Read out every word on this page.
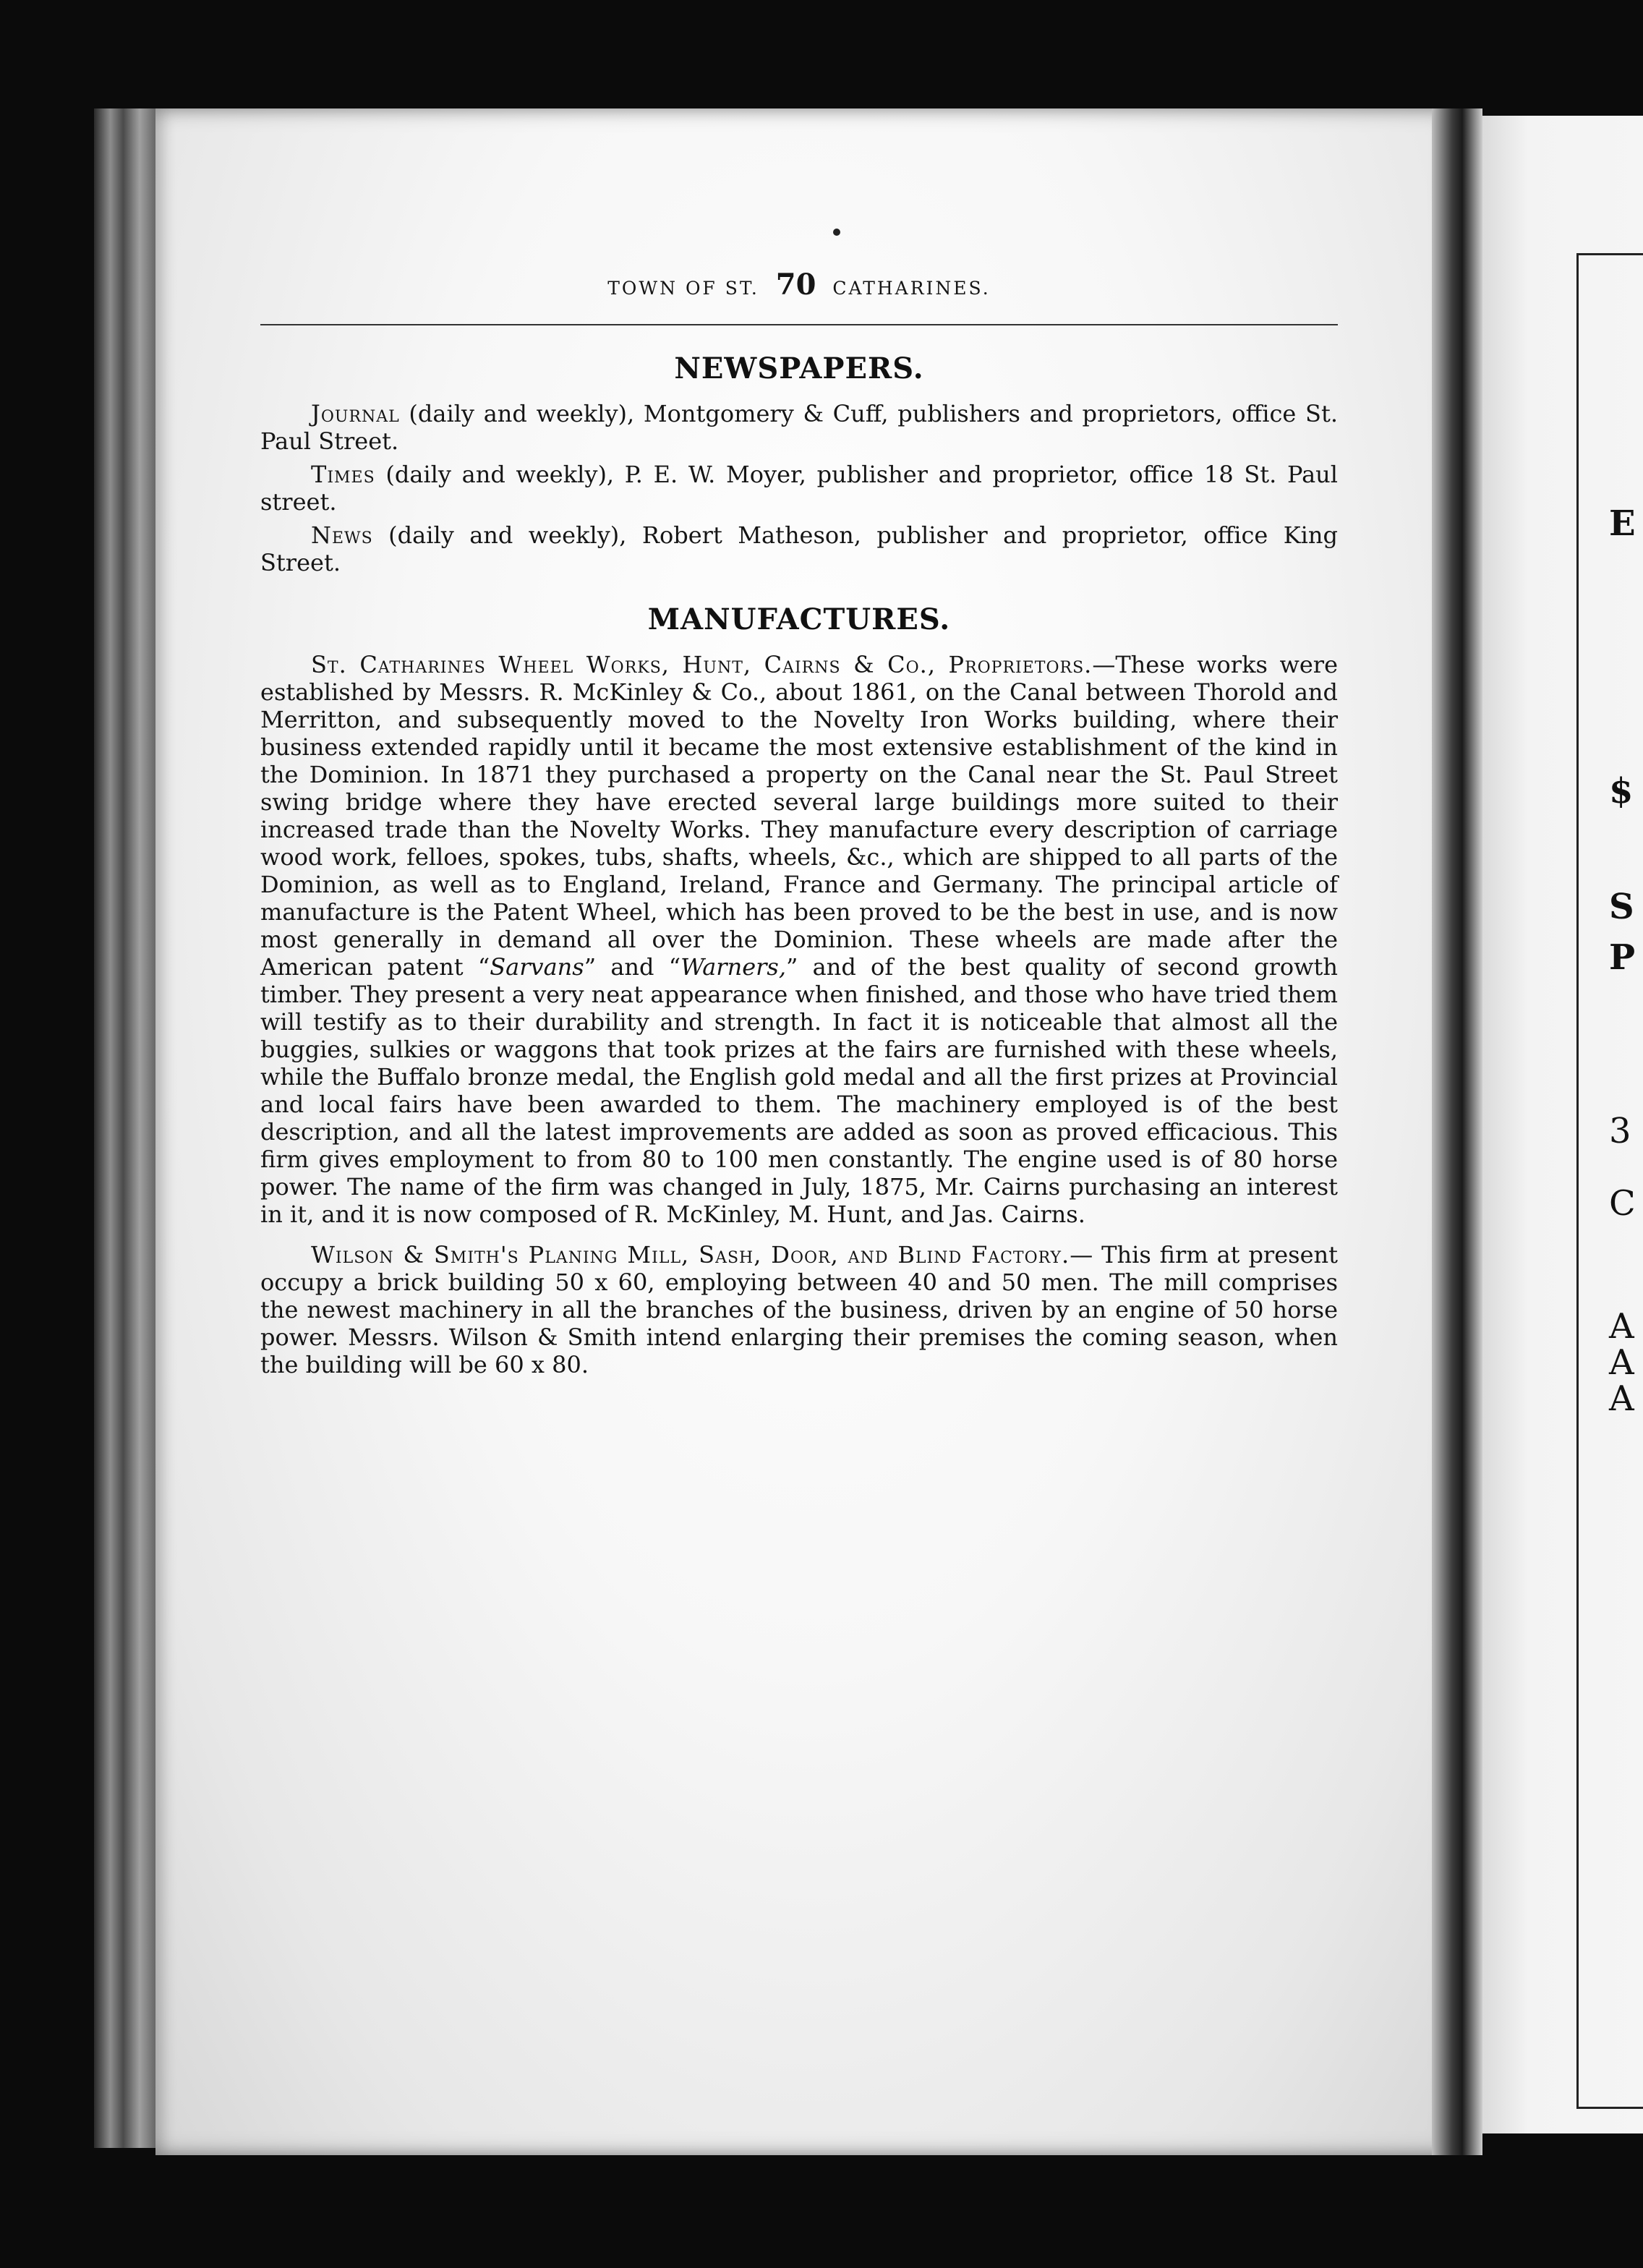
E
$
S
P
3
C
A
A
A
TOWN OF ST. 70 CATHARINES.
NEWSPAPERS.

Journal (daily and weekly), Montgomery & Cuff, publishers and proprietors, office St. Paul Street.

Times (daily and weekly), P. E. W. Moyer, publisher and proprietor, office 18 St. Paul street.

News (daily and weekly), Robert Matheson, publisher and proprietor, office King Street.

MANUFACTURES.

St. Catharines Wheel Works, Hunt, Cairns & Co., Proprietors.—These works were established by Messrs. R. McKinley & Co., about 1861, on the Canal between Thorold and Merritton, and subsequently moved to the Novelty Iron Works building, where their business extended rapidly until it became the most extensive establishment of the kind in the Dominion. In 1871 they purchased a property on the Canal near the St. Paul Street swing bridge where they have erected several large buildings more suited to their increased trade than the Novelty Works. They manufacture every description of carriage wood work, felloes, spokes, tubs, shafts, wheels, &c., which are shipped to all parts of the Dominion, as well as to England, Ireland, France and Germany. The principal article of manufacture is the Patent Wheel, which has been proved to be the best in use, and is now most generally in demand all over the Dominion. These wheels are made after the American patent “Sarvans” and “Warners,” and of the best quality of second growth timber. They present a very neat appearance when finished, and those who have tried them will testify as to their durability and strength. In fact it is noticeable that almost all the buggies, sulkies or waggons that took prizes at the fairs are furnished with these wheels, while the Buffalo bronze medal, the English gold medal and all the first prizes at Provincial and local fairs have been awarded to them. The machinery employed is of the best description, and all the latest improvements are added as soon as proved efficacious. This firm gives employment to from 80 to 100 men constantly. The engine used is of 80 horse power. The name of the firm was changed in July, 1875, Mr. Cairns purchasing an interest in it, and it is now composed of R. McKinley, M. Hunt, and Jas. Cairns.

Wilson & Smith's Planing Mill, Sash, Door, and Blind Factory.— This firm at present occupy a brick building 50 x 60, employing between 40 and 50 men. The mill comprises the newest machinery in all the branches of the business, driven by an engine of 50 horse power. Messrs. Wilson & Smith intend enlarging their premises the coming season, when the building will be 60 x 80.
